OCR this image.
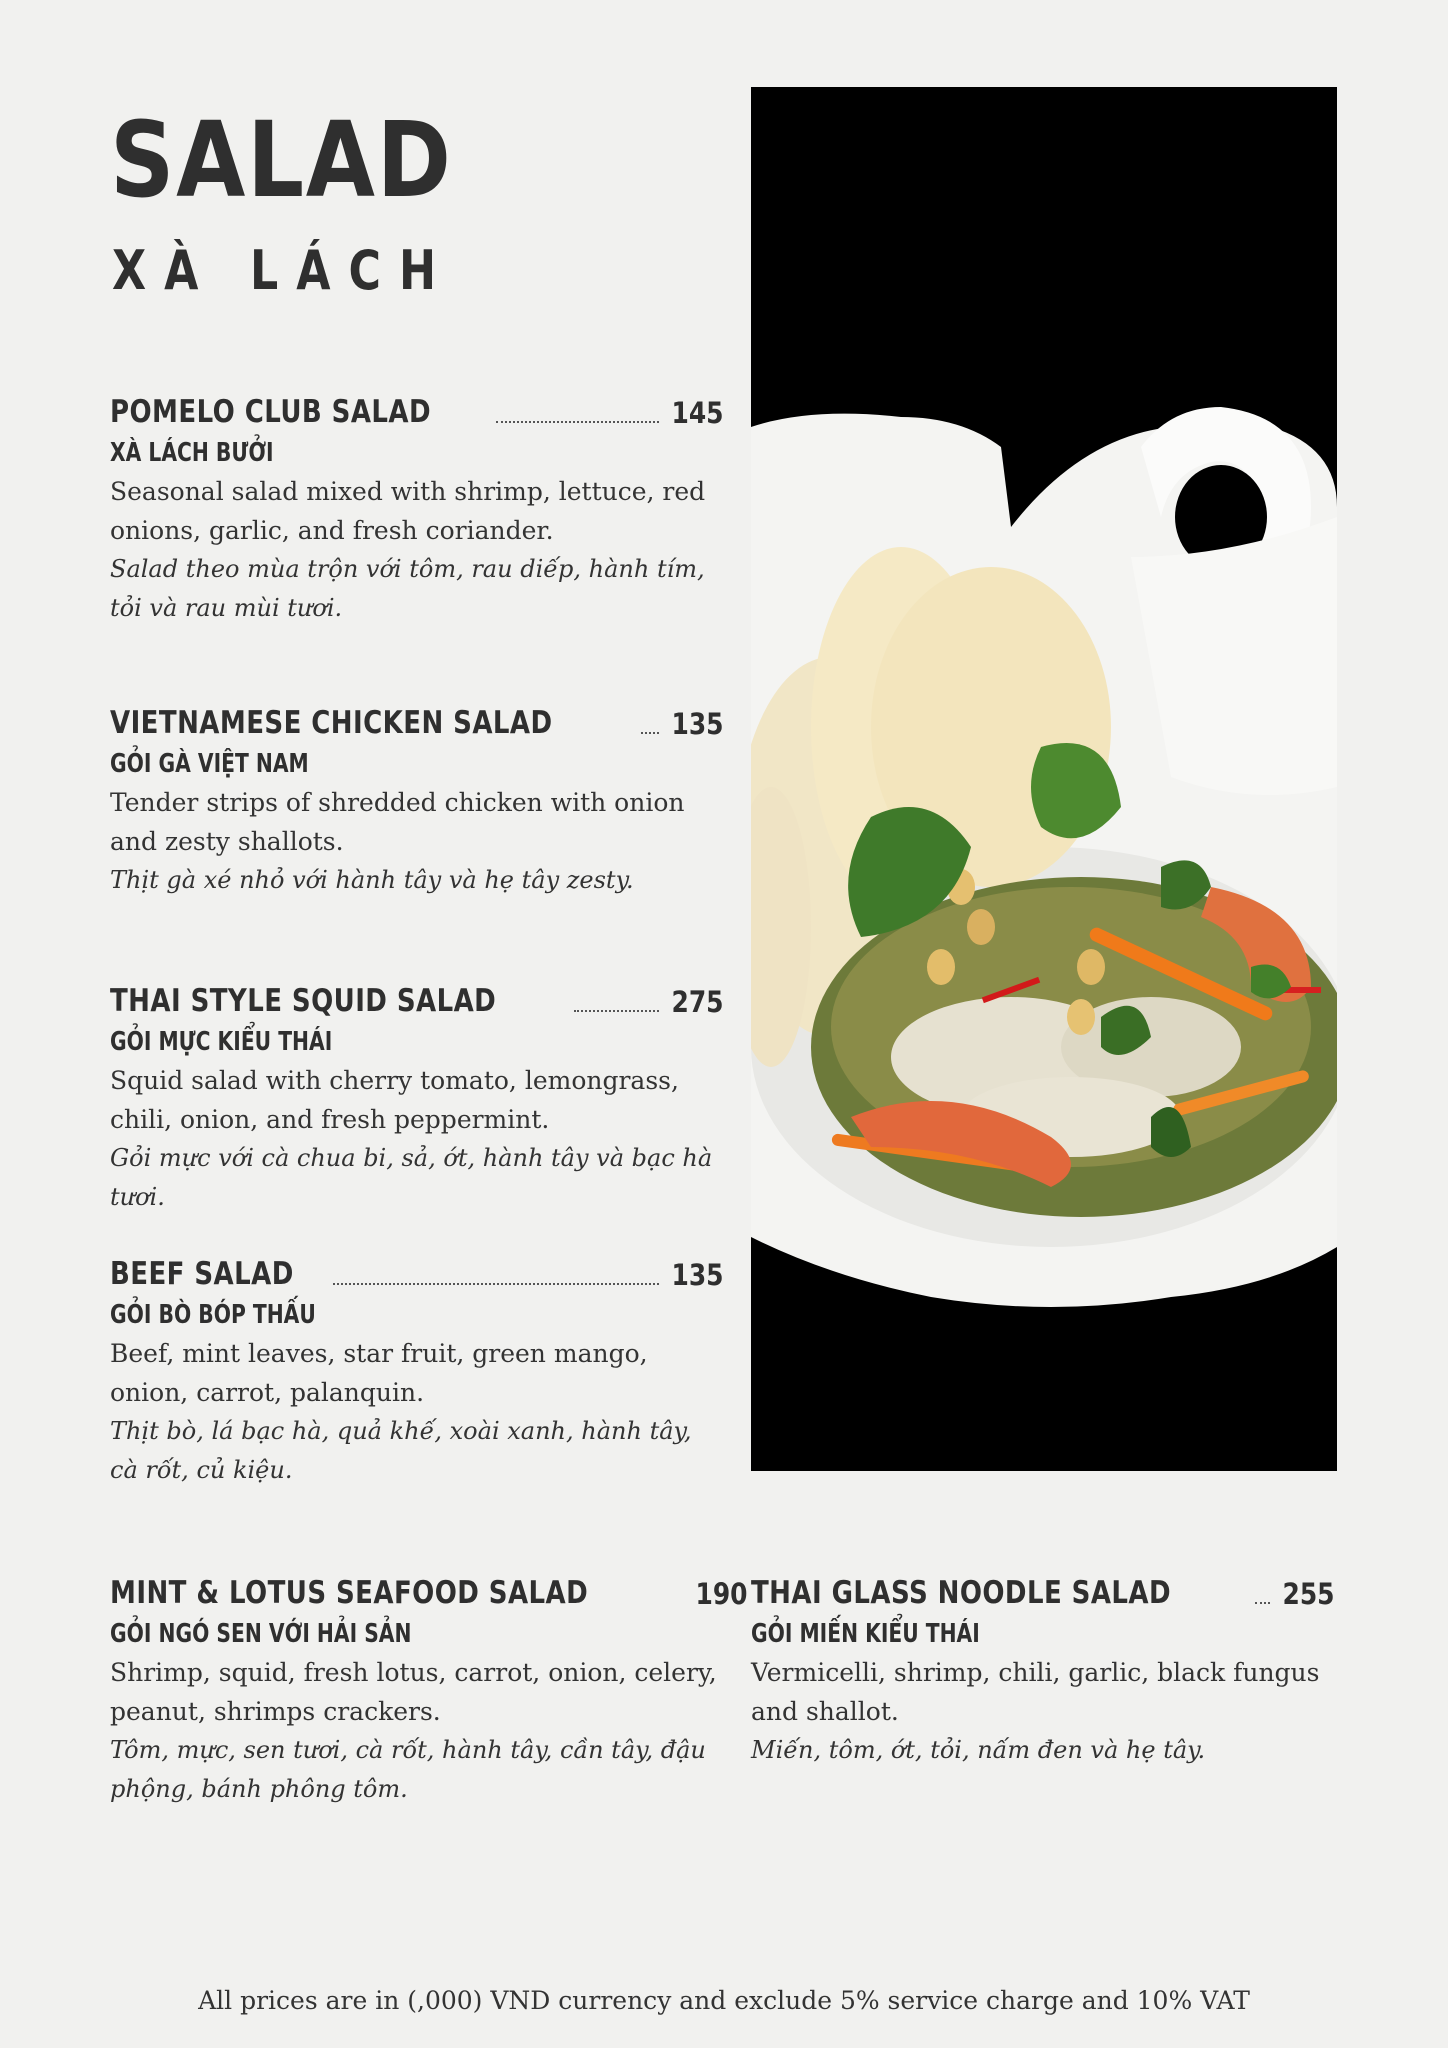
SALAD
XÀ LÁCH
POMELO CLUB SALAD	145
XÀ LÁCH BƯỞI
Seasonal salad mixed with shrimp, lettuce, red onions, garlic, and fresh coriander.
Salad theo mùa trộn với tôm, rau diếp, hành tím, tỏi và rau mùi tươi.
VIETNAMESE CHICKEN SALAD	135
GỎI GÀ VIỆT NAM
Tender strips of shredded chicken with onion and zesty shallots.
Thịt gà xé nhỏ với hành tây và hẹ tây zesty.
THAI STYLE SQUID SALAD	275
GỎI MỰC KIỂU THÁI
Squid salad with cherry tomato, lemongrass, chili, onion, and fresh peppermint.
Gỏi mực với cà chua bi, sả, ớt, hành tây và bạc hà tươi.
BEEF SALAD	135
GỎI BÒ BÓP THẤU
Beef, mint leaves, star fruit, green mango, onion, carrot, palanquin.
Thịt bò, lá bạc hà, quả khế, xoài xanh, hành tây, cà rốt, củ kiệu.
MINT & LOTUS SEAFOOD SALAD	190
GỎI NGÓ SEN VỚI HẢI SẢN
Shrimp, squid, fresh lotus, carrot, onion, celery, peanut, shrimps crackers.
Tôm, mực, sen tươi, cà rốt, hành tây, cần tây, đậu phộng, bánh phông tôm.
THAI GLASS NOODLE SALAD	255
GỎI MIẾN KIỂU THÁI
Vermicelli, shrimp, chili, garlic, black fungus and shallot.
Miến, tôm, ớt, tỏi, nấm đen và hẹ tây.
All prices are in (,000) VND currency and exclude 5% service charge and 10% VAT
